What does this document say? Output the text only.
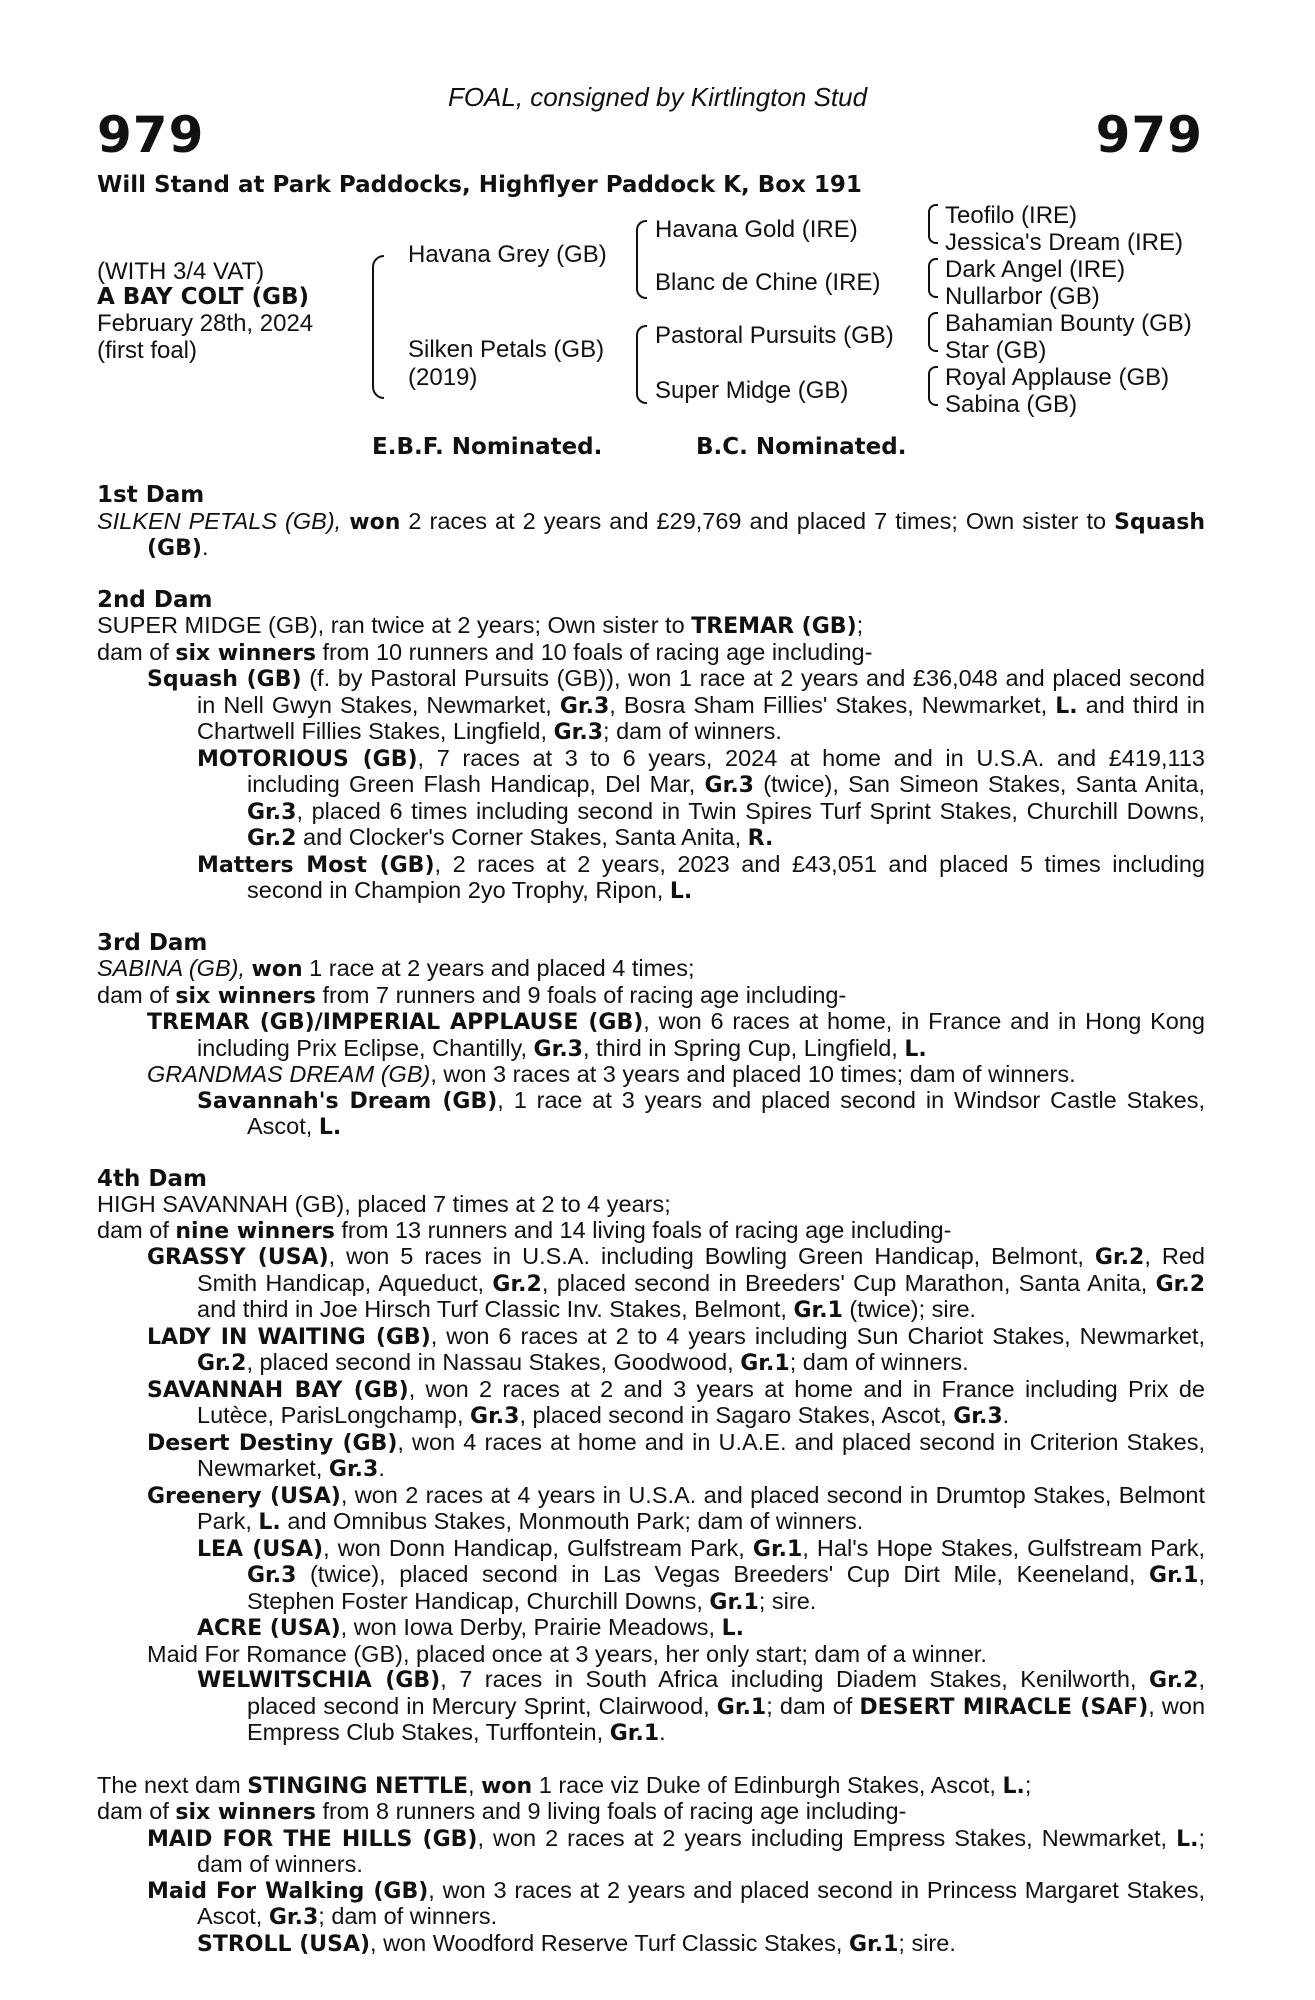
FOAL, consigned by Kirtlington Stud
979	979
Will Stand at Park Paddocks, Highflyer Paddock K, Box 191
(WITH 3/4 VAT)
A BAY COLT (GB)
February 28th, 2024
(first foal)
Havana Grey (GB)
Silken Petals (GB)
(2019)
Havana Gold (IRE)
Blanc de Chine (IRE)
Pastoral Pursuits (GB)
Super Midge (GB)
Teofilo (IRE)
Jessica's Dream (IRE)
Dark Angel (IRE)
Nullarbor (GB)
Bahamian Bounty (GB)
Star (GB)
Royal Applause (GB)
Sabina (GB)
E.B.F. Nominated.	B.C. Nominated.
1st Dam
SILKEN PETALS (GB), won 2 races at 2 years and £29,769 and placed 7 times; Own sister to Squash (GB).
2nd Dam
SUPER MIDGE (GB), ran twice at 2 years; Own sister to TREMAR (GB);
dam of six winners from 10 runners and 10 foals of racing age including-
Squash (GB) (f. by Pastoral Pursuits (GB)), won 1 race at 2 years and £36,048 and placed second in Nell Gwyn Stakes, Newmarket, Gr.3, Bosra Sham Fillies' Stakes, Newmarket, L. and third in Chartwell Fillies Stakes, Lingfield, Gr.3; dam of winners.
MOTORIOUS (GB), 7 races at 3 to 6 years, 2024 at home and in U.S.A. and £419,113 including Green Flash Handicap, Del Mar, Gr.3 (twice), San Simeon Stakes, Santa Anita, Gr.3, placed 6 times including second in Twin Spires Turf Sprint Stakes, Churchill Downs, Gr.2 and Clocker's Corner Stakes, Santa Anita, R.
Matters Most (GB), 2 races at 2 years, 2023 and £43,051 and placed 5 times including second in Champion 2yo Trophy, Ripon, L.
3rd Dam
SABINA (GB), won 1 race at 2 years and placed 4 times;
dam of six winners from 7 runners and 9 foals of racing age including-
TREMAR (GB)/IMPERIAL APPLAUSE (GB), won 6 races at home, in France and in Hong Kong including Prix Eclipse, Chantilly, Gr.3, third in Spring Cup, Lingfield, L.
GRANDMAS DREAM (GB), won 3 races at 3 years and placed 10 times; dam of winners.
Savannah's Dream (GB), 1 race at 3 years and placed second in Windsor Castle Stakes, Ascot, L.
4th Dam
HIGH SAVANNAH (GB), placed 7 times at 2 to 4 years;
dam of nine winners from 13 runners and 14 living foals of racing age including-
GRASSY (USA), won 5 races in U.S.A. including Bowling Green Handicap, Belmont, Gr.2, Red Smith Handicap, Aqueduct, Gr.2, placed second in Breeders' Cup Marathon, Santa Anita, Gr.2 and third in Joe Hirsch Turf Classic Inv. Stakes, Belmont, Gr.1 (twice); sire.
LADY IN WAITING (GB), won 6 races at 2 to 4 years including Sun Chariot Stakes, Newmarket, Gr.2, placed second in Nassau Stakes, Goodwood, Gr.1; dam of winners.
SAVANNAH BAY (GB), won 2 races at 2 and 3 years at home and in France including Prix de Lutèce, ParisLongchamp, Gr.3, placed second in Sagaro Stakes, Ascot, Gr.3.
Desert Destiny (GB), won 4 races at home and in U.A.E. and placed second in Criterion Stakes, Newmarket, Gr.3.
Greenery (USA), won 2 races at 4 years in U.S.A. and placed second in Drumtop Stakes, Belmont Park, L. and Omnibus Stakes, Monmouth Park; dam of winners.
LEA (USA), won Donn Handicap, Gulfstream Park, Gr.1, Hal's Hope Stakes, Gulfstream Park, Gr.3 (twice), placed second in Las Vegas Breeders' Cup Dirt Mile, Keeneland, Gr.1, Stephen Foster Handicap, Churchill Downs, Gr.1; sire.
ACRE (USA), won Iowa Derby, Prairie Meadows, L.
Maid For Romance (GB), placed once at 3 years, her only start; dam of a winner.
WELWITSCHIA (GB), 7 races in South Africa including Diadem Stakes, Kenilworth, Gr.2, placed second in Mercury Sprint, Clairwood, Gr.1; dam of DESERT MIRACLE (SAF), won Empress Club Stakes, Turffontein, Gr.1.
The next dam STINGING NETTLE, won 1 race viz Duke of Edinburgh Stakes, Ascot, L.;
dam of six winners from 8 runners and 9 living foals of racing age including-
MAID FOR THE HILLS (GB), won 2 races at 2 years including Empress Stakes, Newmarket, L.; dam of winners.
Maid For Walking (GB), won 3 races at 2 years and placed second in Princess Margaret Stakes, Ascot, Gr.3; dam of winners.
STROLL (USA), won Woodford Reserve Turf Classic Stakes, Gr.1; sire.
